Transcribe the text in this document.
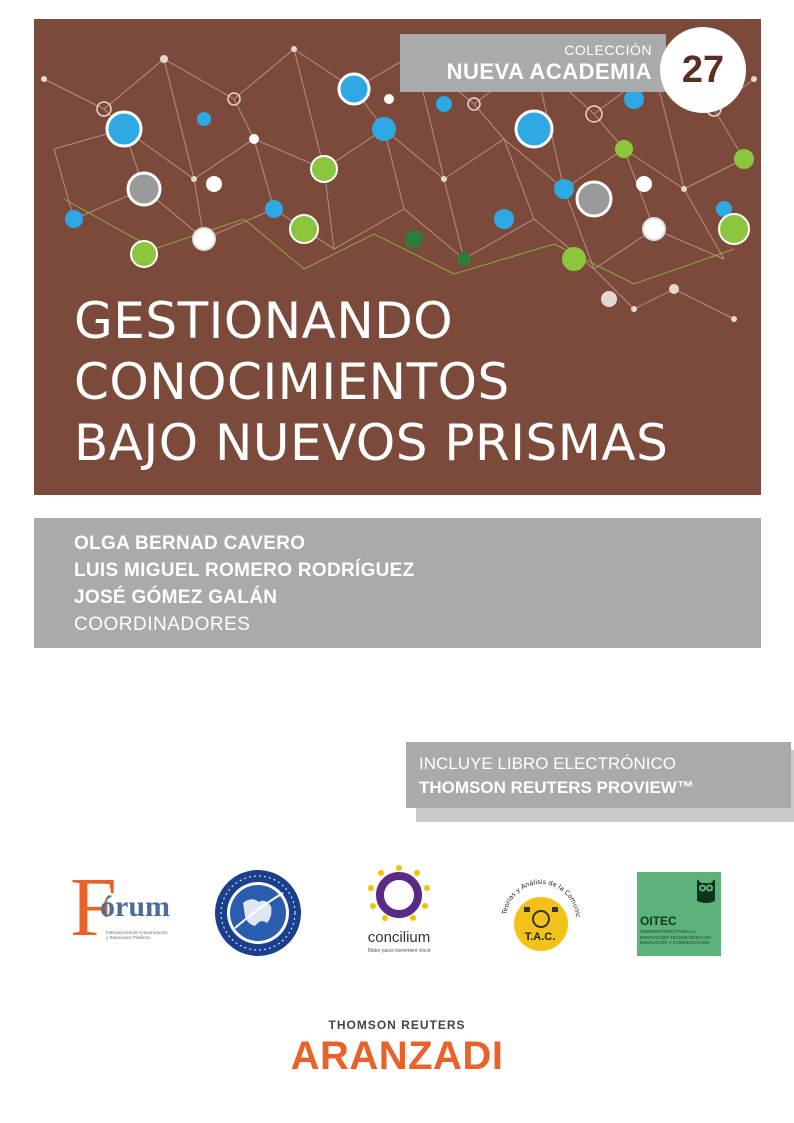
GESTIONANDO
CONOCIMIENTOS
BAJO NUEVOS PRISMAS
COLECCIÓN
NUEVA ACADEMIA 27
OLGA BERNAD CAVERO
LUIS MIGUEL ROMERO RODRÍGUEZ
JOSÉ GÓMEZ GALÁN
COORDINADORES
INCLUYE LIBRO ELECTRÓNICO
THOMSON REUTERS PROVIEW™
F
órum
Internacional de Comunicación y Relaciones Públicas	concilium
Mater pacis merement vincit
Teorías y Análisis de la Comunic
T.A.C.
OITEC
OBSERVATORIO PARA LA INNOVACIÓN TECNOLÓGICA EN EDUCACIÓN Y COMUNICACIÓN
THOMSON REUTERS
ARANZADI
